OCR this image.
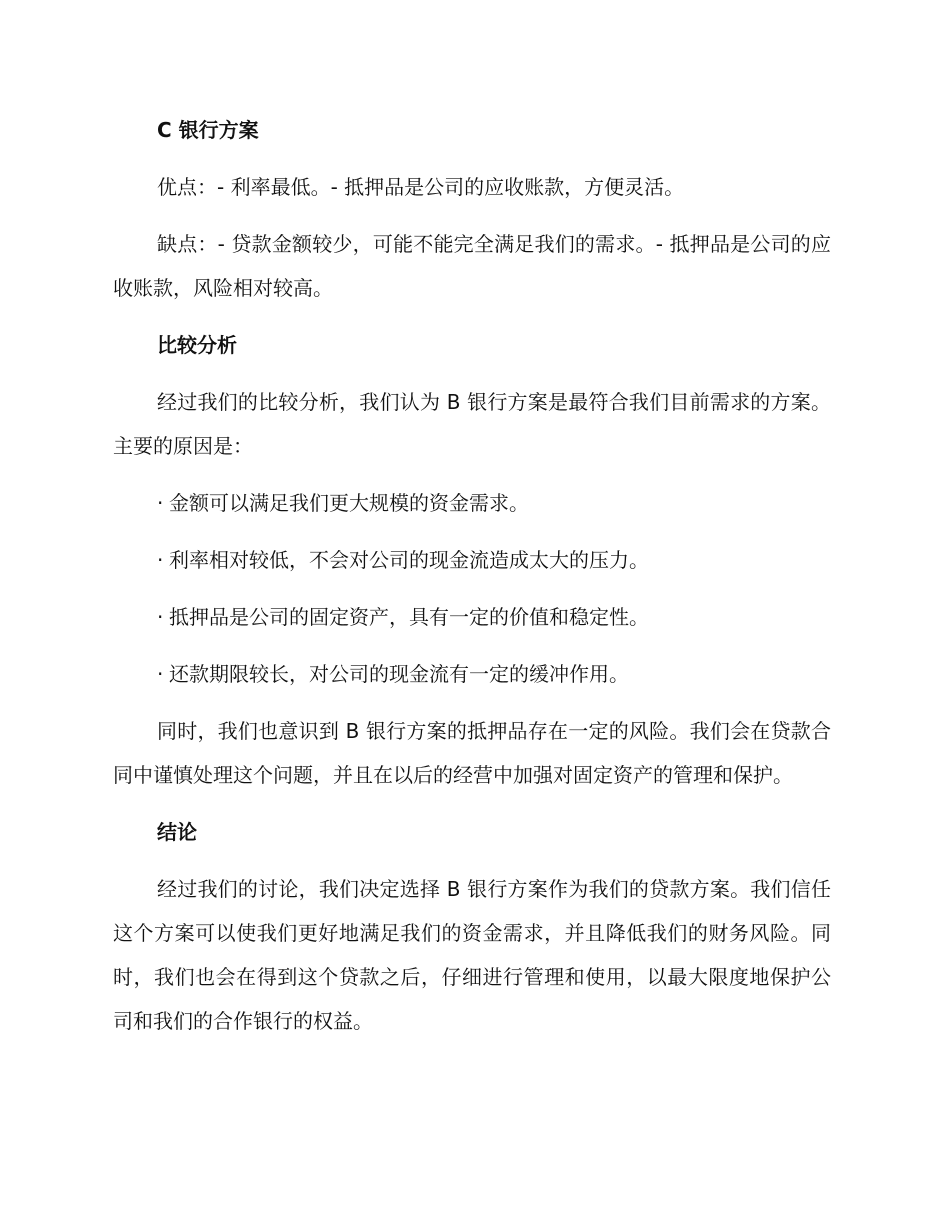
C 银行方案

优点：- 利率最低。- 抵押品是公司的应收账款，方便灵活。

缺点：- 贷款金额较少，可能不能完全满足我们的需求。- 抵押品是公司的应收账款，风险相对较高。

比较分析

经过我们的比较分析，我们认为 B 银行方案是最符合我们目前需求的方案。主要的原因是：

· 金额可以满足我们更大规模的资金需求。
· 利率相对较低，不会对公司的现金流造成太大的压力。
· 抵押品是公司的固定资产，具有一定的价值和稳定性。
· 还款期限较长，对公司的现金流有一定的缓冲作用。

同时，我们也意识到 B 银行方案的抵押品存在一定的风险。我们会在贷款合同中谨慎处理这个问题，并且在以后的经营中加强对固定资产的管理和保护。

结论

经过我们的讨论，我们决定选择 B 银行方案作为我们的贷款方案。我们信任这个方案可以使我们更好地满足我们的资金需求，并且降低我们的财务风险。同时，我们也会在得到这个贷款之后，仔细进行管理和使用，以最大限度地保护公司和我们的合作银行的权益。
